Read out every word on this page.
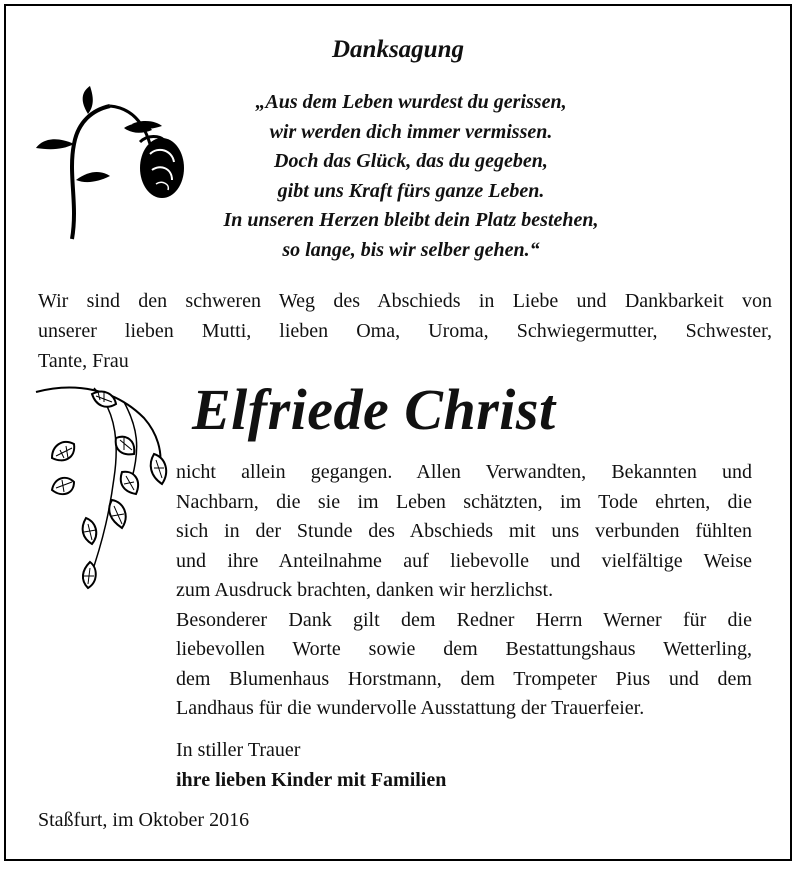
Danksagung
„Aus dem Leben wurdest du gerissen,
wir werden dich immer vermissen.
Doch das Glück, das du gegeben,
gibt uns Kraft fürs ganze Leben.
In unseren Herzen bleibt dein Platz bestehen,
so lange, bis wir selber gehen.“
Wir sind den schweren Weg des Abschieds in Liebe und Dankbarkeit von
unserer lieben Mutti, lieben Oma, Uroma, Schwiegermutter, Schwester,
Tante, Frau
Elfriede Christ
nicht allein gegangen. Allen Verwandten, Bekannten und
Nachbarn, die sie im Leben schätzten, im Tode ehrten, die
sich in der Stunde des Abschieds mit uns verbunden fühlten
und ihre Anteilnahme auf liebevolle und vielfältige Weise
zum Ausdruck brachten, danken wir herzlichst.
Besonderer Dank gilt dem Redner Herrn Werner für die
liebevollen Worte sowie dem Bestattungshaus Wetterling,
dem Blumenhaus Horstmann, dem Trompeter Pius und dem
Landhaus für die wundervolle Ausstattung der Trauerfeier.
In stiller Trauer
ihre lieben Kinder mit Familien
Staßfurt, im Oktober 2016
